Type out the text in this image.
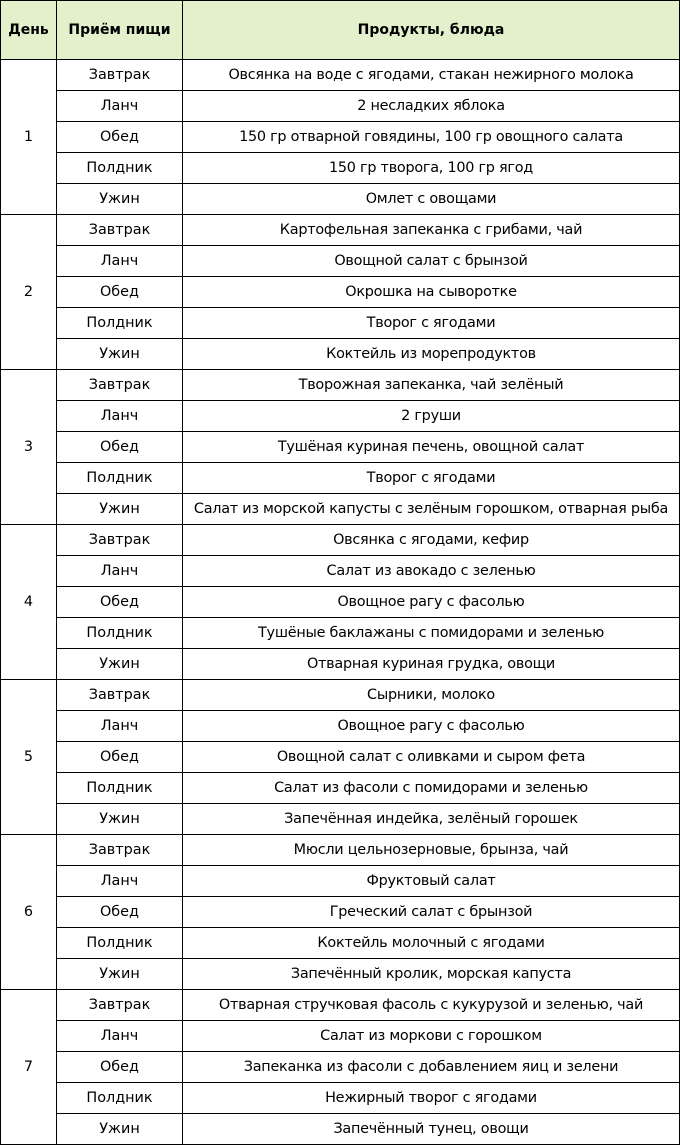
День	Приём пищи	Продукты, блюда
1	Завтрак	Овсянка на воде с ягодами, стакан нежирного молока
	Ланч	2 несладких яблока
	Обед	150 гр отварной говядины, 100 гр овощного салата
	Полдник	150 гр творога, 100 гр ягод
	Ужин	Омлет с овощами
2	Завтрак	Картофельная запеканка с грибами, чай
	Ланч	Овощной салат с брынзой
	Обед	Окрошка на сыворотке
	Полдник	Творог с ягодами
	Ужин	Коктейль из морепродуктов
3	Завтрак	Творожная запеканка, чай зелёный
	Ланч	2 груши
	Обед	Тушёная куриная печень, овощной салат
	Полдник	Творог с ягодами
	Ужин	Салат из морской капусты с зелёным горошком, отварная рыба
4	Завтрак	Овсянка с ягодами, кефир
	Ланч	Салат из авокадо с зеленью
	Обед	Овощное рагу с фасолью
	Полдник	Тушёные баклажаны с помидорами и зеленью
	Ужин	Отварная куриная грудка, овощи
5	Завтрак	Сырники, молоко
	Ланч	Овощное рагу с фасолью
	Обед	Овощной салат с оливками и сыром фета
	Полдник	Салат из фасоли с помидорами и зеленью
	Ужин	Запечённая индейка, зелёный горошек
6	Завтрак	Мюсли цельнозерновые, брынза, чай
	Ланч	Фруктовый салат
	Обед	Греческий салат с брынзой
	Полдник	Коктейль молочный с ягодами
	Ужин	Запечённый кролик, морская капуста
7	Завтрак	Отварная стручковая фасоль с кукурузой и зеленью, чай
	Ланч	Салат из моркови с горошком
	Обед	Запеканка из фасоли с добавлением яиц и зелени
	Полдник	Нежирный творог с ягодами
	Ужин	Запечённый тунец, овощи
